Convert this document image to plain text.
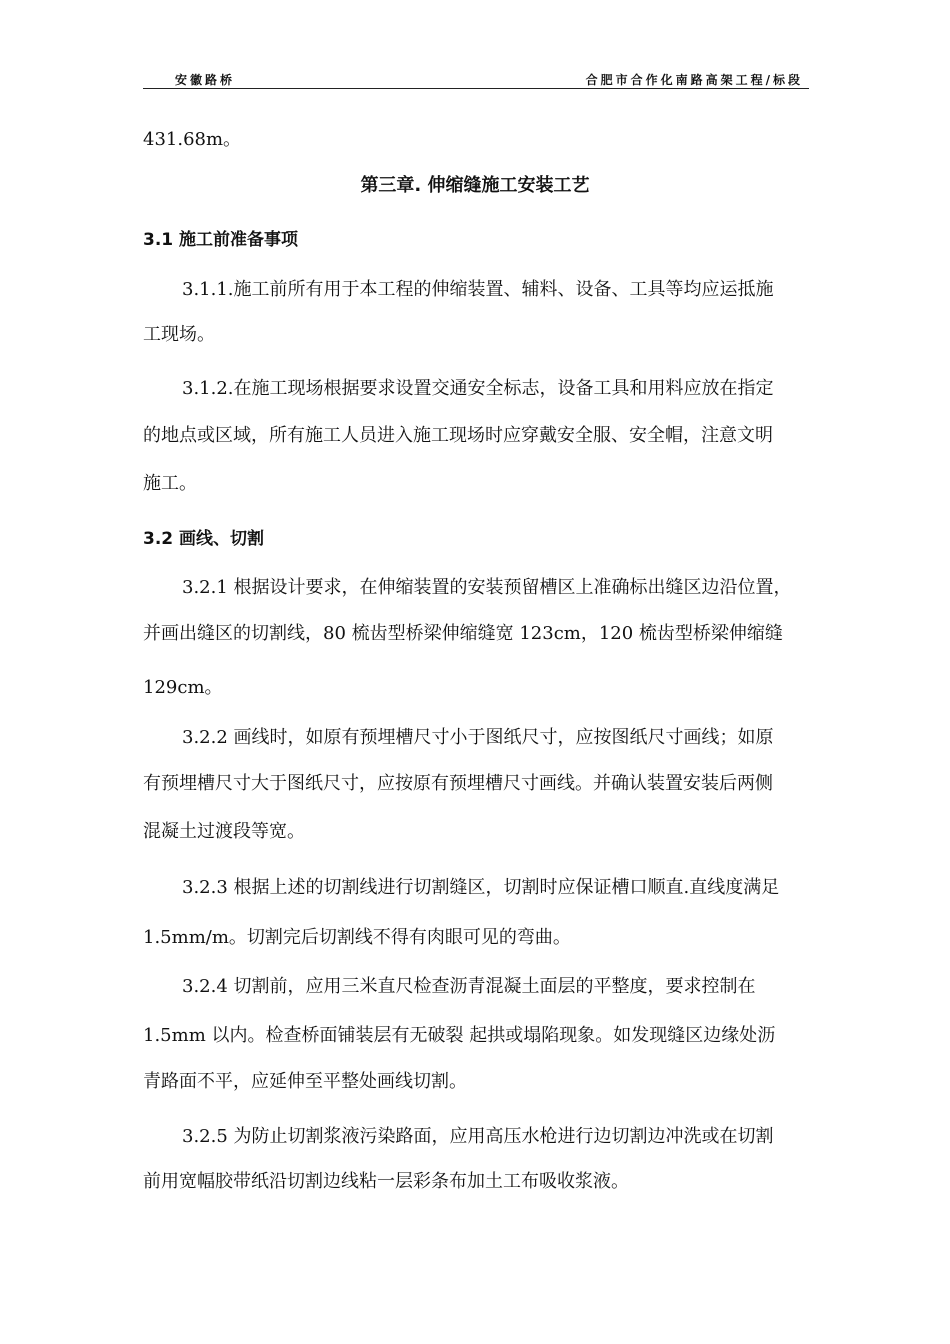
安徽路桥	合肥市合作化南路高架工程/标段
431.68m。
第三章. 伸缩缝施工安装工艺
3.1 施工前准备事项
3.1.1.施工前所有用于本工程的伸缩装置、辅料、设备、工具等均应运抵施
工现场。
3.1.2.在施工现场根据要求设置交通安全标志，设备工具和用料应放在指定
的地点或区域，所有施工人员进入施工现场时应穿戴安全服、安全帽，注意文明
施工。
3.2 画线、切割
3.2.1 根据设计要求，在伸缩装置的安装预留槽区上准确标出缝区边沿位置，
并画出缝区的切割线，80 梳齿型桥梁伸缩缝宽 123cm，120 梳齿型桥梁伸缩缝
129cm。
3.2.2 画线时，如原有预埋槽尺寸小于图纸尺寸，应按图纸尺寸画线；如原
有预埋槽尺寸大于图纸尺寸，应按原有预埋槽尺寸画线。并确认装置安装后两侧
混凝土过渡段等宽。
3.2.3 根据上述的切割线进行切割缝区，切割时应保证槽口顺直.直线度满足
1.5mm/m。切割完后切割线不得有肉眼可见的弯曲。
3.2.4 切割前，应用三米直尺检查沥青混凝土面层的平整度，要求控制在
1.5mm 以内。检查桥面铺装层有无破裂 起拱或塌陷现象。如发现缝区边缘处沥
青路面不平，应延伸至平整处画线切割。
3.2.5 为防止切割浆液污染路面，应用高压水枪进行边切割边冲洗或在切割
前用宽幅胶带纸沿切割边线粘一层彩条布加土工布吸收浆液。
